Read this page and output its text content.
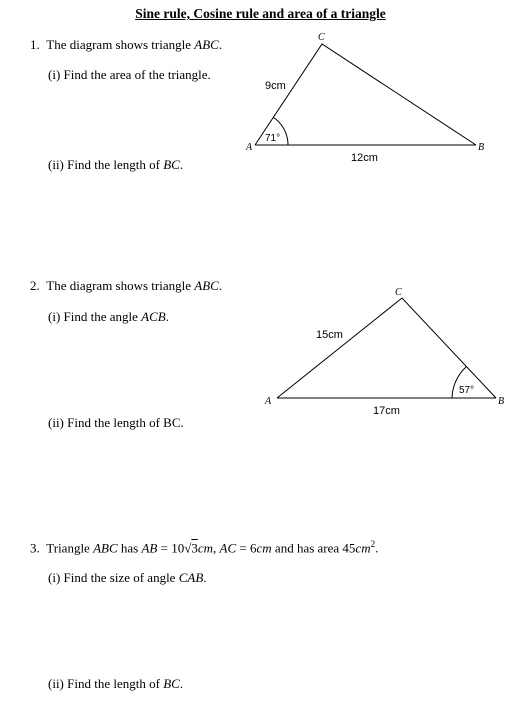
Sine rule, Cosine rule and area of a triangle
1. The diagram shows triangle ABC.
(i) Find the area of the triangle.
(ii) Find the length of BC.
A	B
C
9cm
12cm
71°
2. The diagram shows triangle ABC.
(i) Find the angle ACB.
(ii) Find the length of BC.
A	B
C
15cm
17cm
57°
3. Triangle ABC has AB = 10√3cm, AC = 6cm and has area $45cm^2$.
(i) Find the size of angle CAB.
(ii) Find the length of BC.
